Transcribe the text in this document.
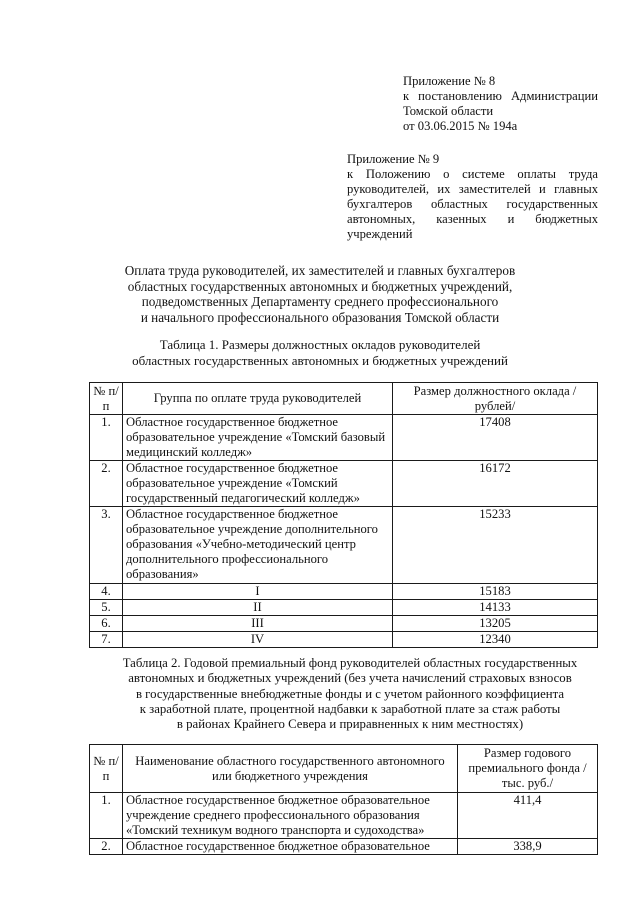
Приложение № 8
к постановлению Администрации
Томской области
от 03.06.2015 № 194а
Приложение № 9
к Положению о системе оплаты труда
руководителей, их заместителей и главных
бухгалтеров областных государственных
автономных, казенных и бюджетных
учреждений
Оплата труда руководителей, их заместителей и главных бухгалтеров
областных государственных автономных и бюджетных учреждений,
подведомственных Департаменту среднего профессионального
и начального профессионального образования Томской области
Таблица 1. Размеры должностных окладов руководителей
областных государственных автономных и бюджетных учреждений
№ п/п	Группа по оплате труда руководителей	Размер должностного оклада /рублей/
1.	Областное государственное бюджетное образовательное учреждение «Томский базовый медицинский колледж»	17408
2.	Областное государственное бюджетное образовательное учреждение «Томский государственный педагогический колледж»	16172
3.	Областное государственное бюджетное образовательное учреждение дополнительного образования «Учебно-методический центр дополнительного профессионального образования»	15233
4.	I	15183
5.	II	14133
6.	III	13205
7.	IV	12340
Таблица 2. Годовой премиальный фонд руководителей областных государственных
автономных и бюджетных учреждений (без учета начислений страховых взносов
в государственные внебюджетные фонды и с учетом районного коэффициента
к заработной плате, процентной надбавки к заработной плате за стаж работы
в районах Крайнего Севера и приравненных к ним местностях)
№ п/п	Наименование областного государственного автономного или бюджетного учреждения	Размер годового премиального фонда /тыс. руб./
1.	Областное государственное бюджетное образовательное учреждение среднего профессионального образования «Томский техникум водного транспорта и судоходства»	411,4
2.	Областное государственное бюджетное образовательное	338,9
